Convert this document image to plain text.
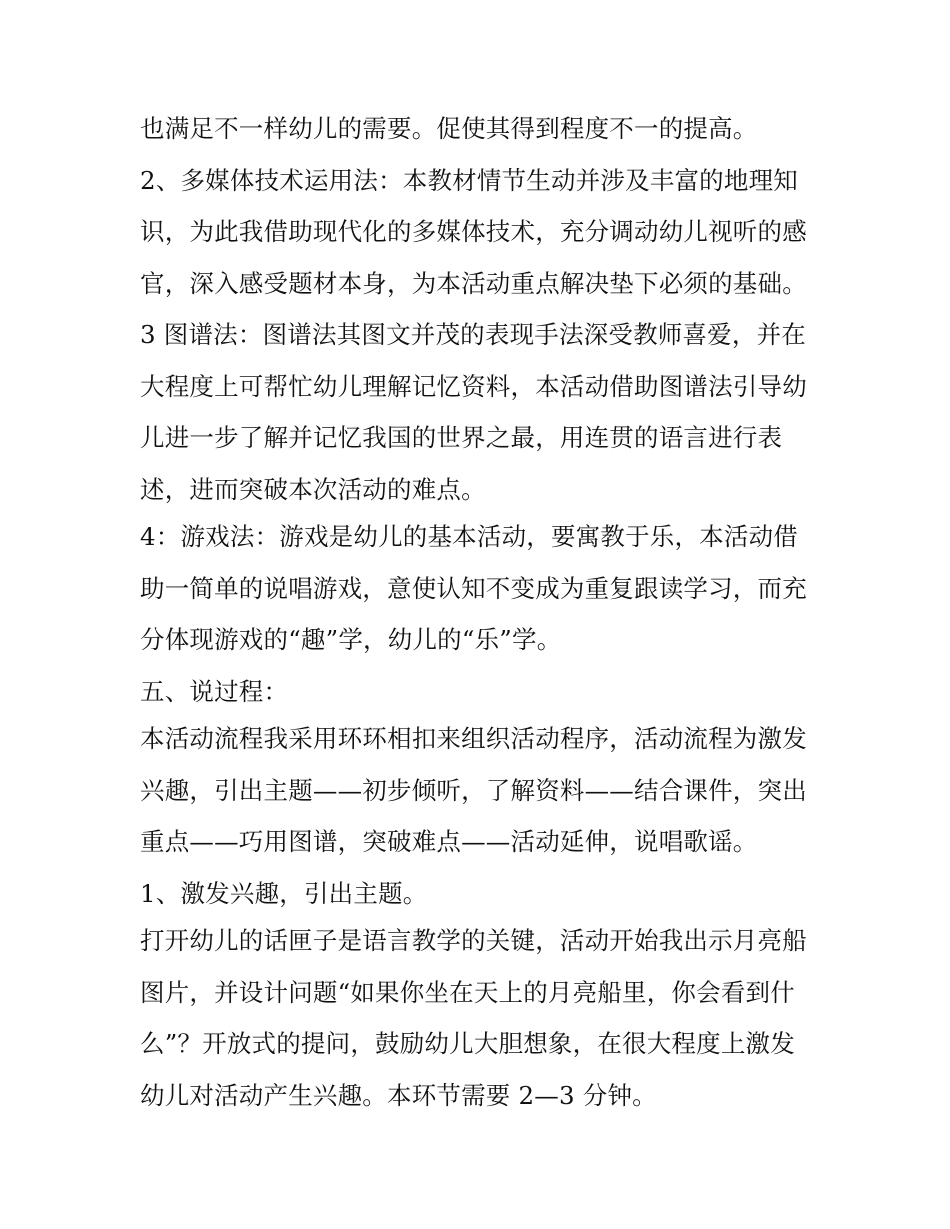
也满足不一样幼儿的需要。促使其得到程度不一的提高。
2、多媒体技术运用法：本教材情节生动并涉及丰富的地理知
识，为此我借助现代化的多媒体技术，充分调动幼儿视听的感
官，深入感受题材本身，为本活动重点解决垫下必须的基础。
3 图谱法：图谱法其图文并茂的表现手法深受教师喜爱，并在
大程度上可帮忙幼儿理解记忆资料，本活动借助图谱法引导幼
儿进一步了解并记忆我国的世界之最，用连贯的语言进行表
述，进而突破本次活动的难点。
4：游戏法：游戏是幼儿的基本活动，要寓教于乐，本活动借
助一简单的说唱游戏，意使认知不变成为重复跟读学习，而充
分体现游戏的“趣”学，幼儿的“乐”学。
五、说过程：
本活动流程我采用环环相扣来组织活动程序，活动流程为激发
兴趣，引出主题——初步倾听，了解资料——结合课件，突出
重点——巧用图谱，突破难点——活动延伸，说唱歌谣。
1、激发兴趣，引出主题。
打开幼儿的话匣子是语言教学的关键，活动开始我出示月亮船
图片，并设计问题“如果你坐在天上的月亮船里，你会看到什
么”？开放式的提问，鼓励幼儿大胆想象，在很大程度上激发
幼儿对活动产生兴趣。本环节需要 2—3 分钟。
